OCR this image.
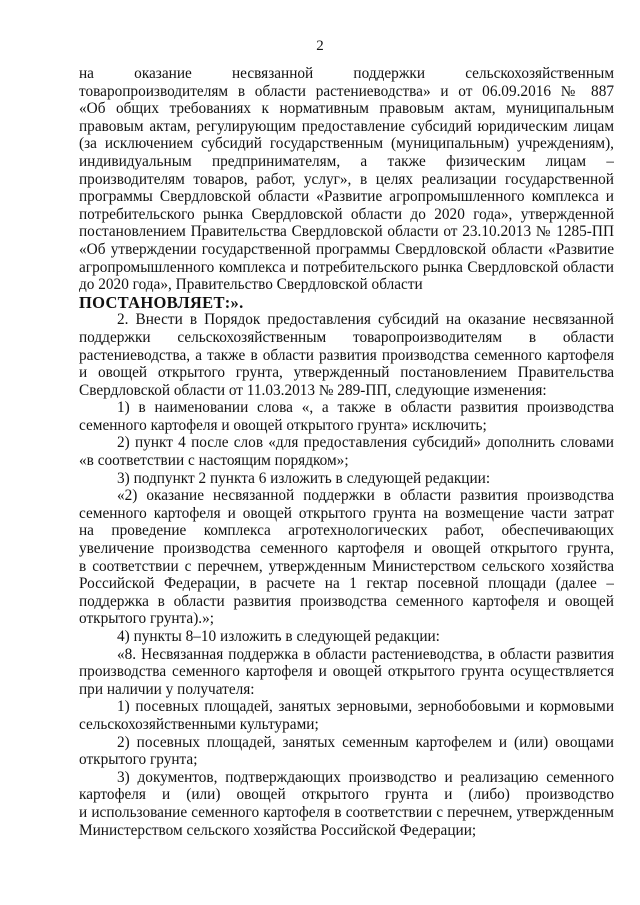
2
на оказание несвязанной поддержки сельскохозяйственным
товаропроизводителям в области растениеводства» и от 06.09.2016 № 887
«Об общих требованиях к нормативным правовым актам, муниципальным
правовым актам, регулирующим предоставление субсидий юридическим лицам
(за исключением субсидий государственным (муниципальным) учреждениям),
индивидуальным предпринимателям, а также физическим лицам –
производителям товаров, работ, услуг», в целях реализации государственной
программы Свердловской области «Развитие агропромышленного комплекса и
потребительского рынка Свердловской области до 2020 года», утвержденной
постановлением Правительства Свердловской области от 23.10.2013 № 1285-ПП
«Об утверждении государственной программы Свердловской области «Развитие
агропромышленного комплекса и потребительского рынка Свердловской области
до 2020 года», Правительство Свердловской области
ПОСТАНОВЛЯЕТ:».
2. Внести в Порядок предоставления субсидий на оказание несвязанной
поддержки сельскохозяйственным товаропроизводителям в области
растениеводства, а также в области развития производства семенного картофеля
и овощей открытого грунта, утвержденный постановлением Правительства
Свердловской области от 11.03.2013 № 289-ПП, следующие изменения:
1) в наименовании слова «, а также в области развития производства
семенного картофеля и овощей открытого грунта» исключить;
2) пункт 4 после слов «для предоставления субсидий» дополнить словами
«в соответствии с настоящим порядком»;
3) подпункт 2 пункта 6 изложить в следующей редакции:
«2) оказание несвязанной поддержки в области развития производства
семенного картофеля и овощей открытого грунта на возмещение части затрат
на проведение комплекса агротехнологических работ, обеспечивающих
увеличение производства семенного картофеля и овощей открытого грунта,
в соответствии с перечнем, утвержденным Министерством сельского хозяйства
Российской Федерации, в расчете на 1 гектар посевной площади (далее –
поддержка в области развития производства семенного картофеля и овощей
открытого грунта).»;
4) пункты 8–10 изложить в следующей редакции:
«8. Несвязанная поддержка в области растениеводства, в области развития
производства семенного картофеля и овощей открытого грунта осуществляется
при наличии у получателя:
1) посевных площадей, занятых зерновыми, зернобобовыми и кормовыми
сельскохозяйственными культурами;
2) посевных площадей, занятых семенным картофелем и (или) овощами
открытого грунта;
3) документов, подтверждающих производство и реализацию семенного
картофеля и (или) овощей открытого грунта и (либо) производство
и использование семенного картофеля в соответствии с перечнем, утвержденным
Министерством сельского хозяйства Российской Федерации;
